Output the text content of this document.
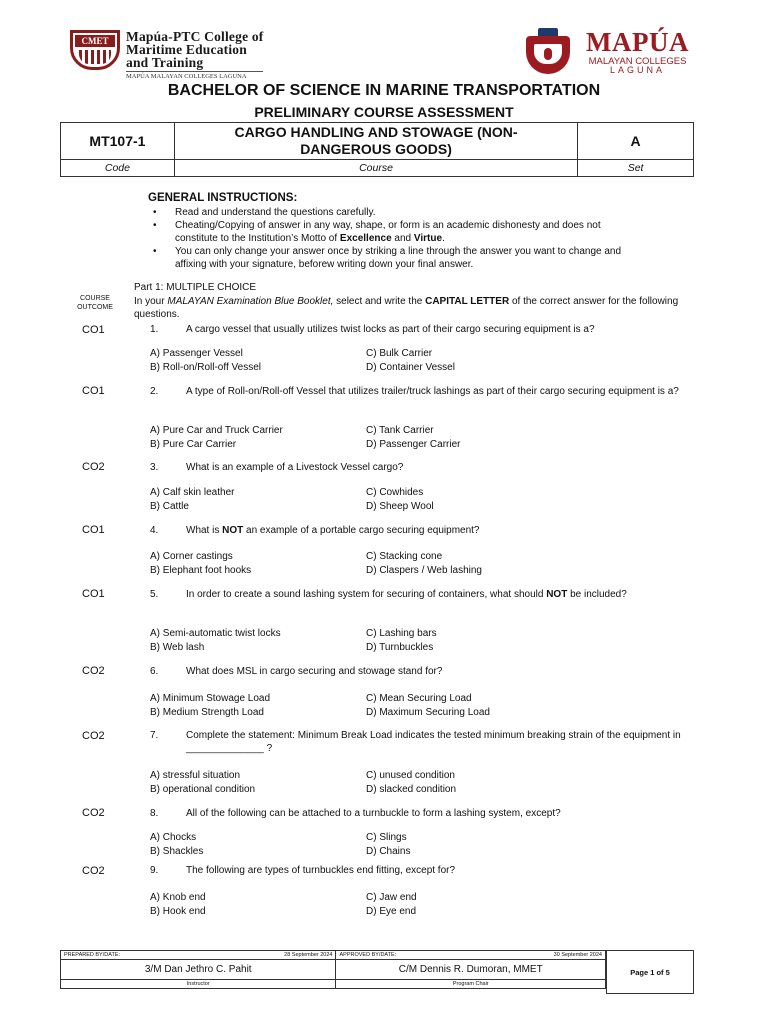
CMET	Mapúa-PTC College of
Maritime Education
and Training
MAPÚA MALAYAN COLLEGES LAGUNA
MAPÚA
MALAYAN COLLEGES
LAGUNA
BACHELOR OF SCIENCE IN MARINE TRANSPORTATION
PRELIMINARY COURSE ASSESSMENT
MT107-1	CARGO HANDLING AND STOWAGE (NON-
DANGEROUS GOODS)	A
Code	Course	Set
GENERAL INSTRUCTIONS:
• Read and understand the questions carefully.
• Cheating/Copying of answer in any way, shape, or form is an academic dishonesty and does not constitute to the Institution’s Motto of Excellence and Virtue.
• You can only change your answer once by striking a line through the answer you want to change and affixing with your signature, beforew writing down your final answer.
Part 1: MULTIPLE CHOICE
In your MALAYAN Examination Blue Booklet, select and write the CAPITAL LETTER of the correct answer for the following questions.
COURSE
OUTCOME
CO1	1.	A cargo vessel that usually utilizes twist locks as part of their cargo securing equipment is a?
A) Passenger Vessel
B) Roll-on/Roll-off Vessel
C) Bulk Carrier
D) Container Vessel
CO1	2.	A type of Roll-on/Roll-off Vessel that utilizes trailer/truck lashings as part of their cargo securing equipment is a?
A) Pure Car and Truck Carrier
B) Pure Car Carrier
C) Tank Carrier
D) Passenger Carrier
CO2	3.	What is an example of a Livestock Vessel cargo?
A) Calf skin leather
B) Cattle
C) Cowhides
D) Sheep Wool
CO1	4.	What is NOT an example of a portable cargo securing equipment?
A) Corner castings
B) Elephant foot hooks
C) Stacking cone
D) Claspers / Web lashing
CO1	5.	In order to create a sound lashing system for securing of containers, what should NOT be included?
A) Semi-automatic twist locks
B) Web lash
C) Lashing bars
D) Turnbuckles
CO2	6.	What does MSL in cargo securing and stowage stand for?
A) Minimum Stowage Load
B) Medium Strength Load
C) Mean Securing Load
D) Maximum Securing Load
CO2	7.	Complete the statement: Minimum Break Load indicates the tested minimum breaking strain of the equipment in ______________ ?
A) stressful situation
B) operational condition
C) unused condition
D) slacked condition
CO2	8.	All of the following can be attached to a turnbuckle to form a lashing system, except?
A) Chocks
B) Shackles
C) Slings
D) Chains
CO2	9.	The following are types of turnbuckles end fitting, except for?
A) Knob end
B) Hook end
C) Jaw end
D) Eye end
PREPARED BY/DATE: 28 September 2024	APPROVED BY/DATE: 30 September 2024

3/M Dan Jethro C. Pahit	C/M Dennis R. Dumoran, MMET
Instructor	Program Chair
Page 1 of 5
